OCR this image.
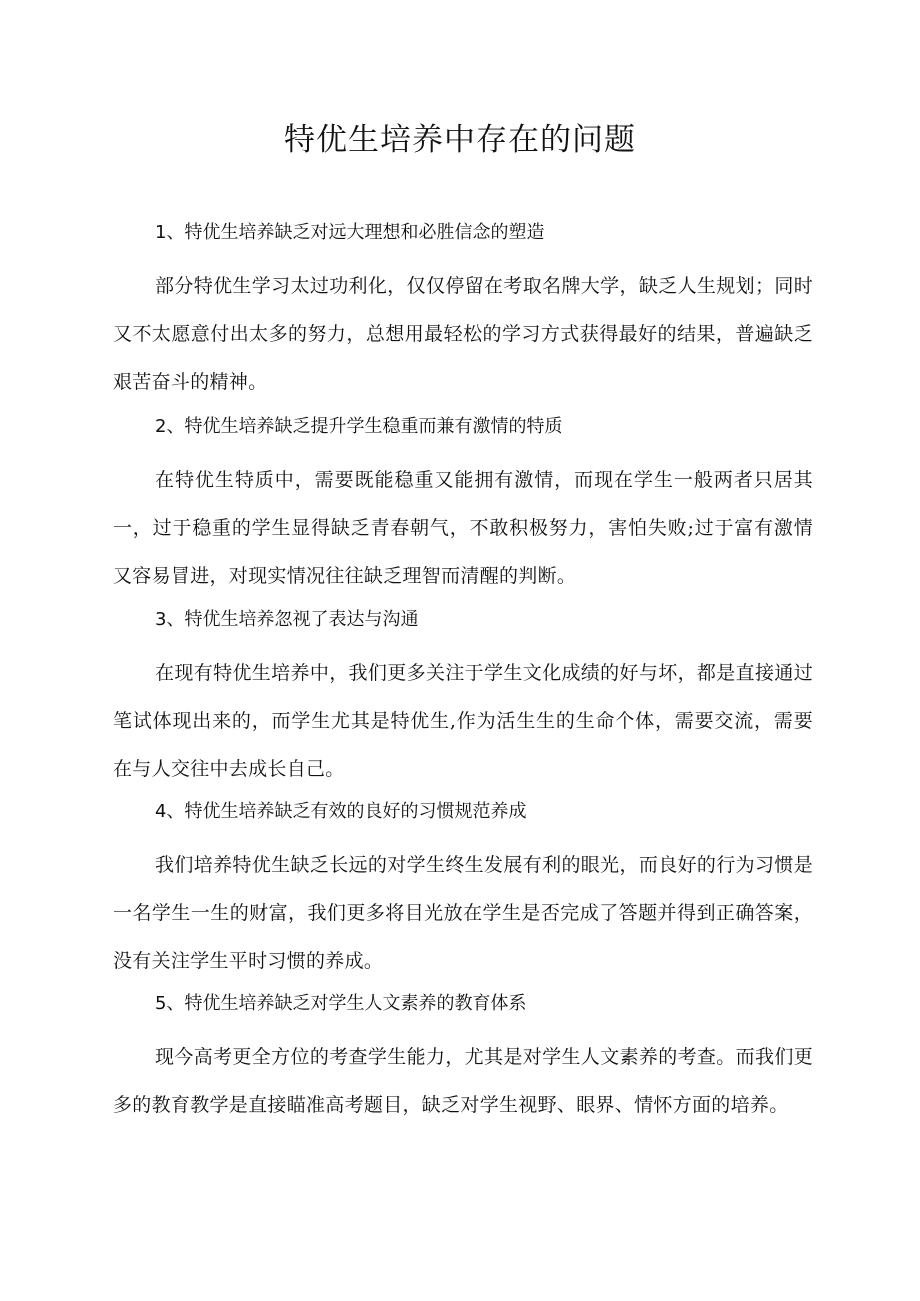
特优生培养中存在的问题

1、特优生培养缺乏对远大理想和必胜信念的塑造

部分特优生学习太过功利化，仅仅停留在考取名牌大学，缺乏人生规划；同时又不太愿意付出太多的努力，总想用最轻松的学习方式获得最好的结果，普遍缺乏艰苦奋斗的精神。

2、特优生培养缺乏提升学生稳重而兼有激情的特质

在特优生特质中，需要既能稳重又能拥有激情，而现在学生一般两者只居其一，过于稳重的学生显得缺乏青春朝气，不敢积极努力，害怕失败;过于富有激情又容易冒进，对现实情况往往缺乏理智而清醒的判断。

3、特优生培养忽视了表达与沟通

在现有特优生培养中，我们更多关注于学生文化成绩的好与坏，都是直接通过笔试体现出来的，而学生尤其是特优生,作为活生生的生命个体，需要交流，需要在与人交往中去成长自己。

4、特优生培养缺乏有效的良好的习惯规范养成

我们培养特优生缺乏长远的对学生终生发展有利的眼光，而良好的行为习惯是一名学生一生的财富，我们更多将目光放在学生是否完成了答题并得到正确答案，没有关注学生平时习惯的养成。

5、特优生培养缺乏对学生人文素养的教育体系

现今高考更全方位的考查学生能力，尤其是对学生人文素养的考查。而我们更多的教育教学是直接瞄准高考题目，缺乏对学生视野、眼界、情怀方面的培养。
